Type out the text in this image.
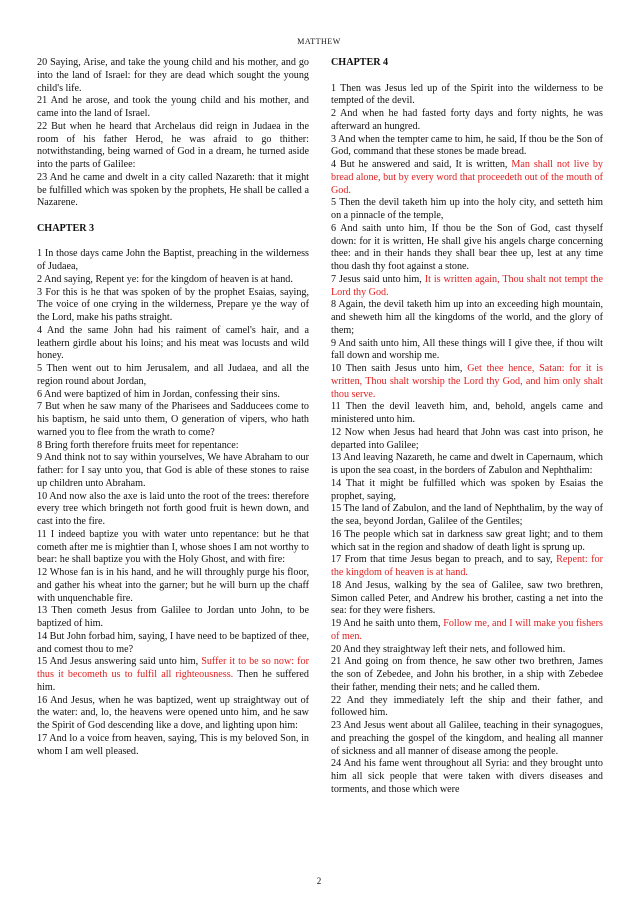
MATTHEW

20 Saying, Arise, and take the young child and his mother, and go into the land of Israel: for they are dead which sought the young child's life.

21 And he arose, and took the young child and his mother, and came into the land of Israel.

22 But when he heard that Archelaus did reign in Judaea in the room of his father Herod, he was afraid to go thither: notwithstanding, being warned of God in a dream, he turned aside into the parts of Galilee:

23 And he came and dwelt in a city called Nazareth: that it might be fulfilled which was spoken by the prophets, He shall be called a Nazarene.

CHAPTER 3

1 In those days came John the Baptist, preaching in the wilderness of Judaea,

2 And saying, Repent ye: for the kingdom of heaven is at hand.

3 For this is he that was spoken of by the prophet Esaias, saying, The voice of one crying in the wilderness, Prepare ye the way of the Lord, make his paths straight.

4 And the same John had his raiment of camel's hair, and a leathern girdle about his loins; and his meat was locusts and wild honey.

5 Then went out to him Jerusalem, and all Judaea, and all the region round about Jordan,

6 And were baptized of him in Jordan, confessing their sins.

7 But when he saw many of the Pharisees and Sadducees come to his baptism, he said unto them, O generation of vipers, who hath warned you to flee from the wrath to come?

8 Bring forth therefore fruits meet for repentance:

9 And think not to say within yourselves, We have Abraham to our father: for I say unto you, that God is able of these stones to raise up children unto Abraham.

10 And now also the axe is laid unto the root of the trees: therefore every tree which bringeth not forth good fruit is hewn down, and cast into the fire.

11 I indeed baptize you with water unto repentance: but he that cometh after me is mightier than I, whose shoes I am not worthy to bear: he shall baptize you with the Holy Ghost, and with fire:

12 Whose fan is in his hand, and he will throughly purge his floor, and gather his wheat into the garner; but he will burn up the chaff with unquenchable fire.

13 Then cometh Jesus from Galilee to Jordan unto John, to be baptized of him.

14 But John forbad him, saying, I have need to be baptized of thee, and comest thou to me?

15 And Jesus answering said unto him, Suffer it to be so now: for thus it becometh us to fulfil all righteousness. Then he suffered him.

16 And Jesus, when he was baptized, went up straightway out of the water: and, lo, the heavens were opened unto him, and he saw the Spirit of God descending like a dove, and lighting upon him:

17 And lo a voice from heaven, saying, This is my beloved Son, in whom I am well pleased.

CHAPTER 4

1 Then was Jesus led up of the Spirit into the wilderness to be tempted of the devil.

2 And when he had fasted forty days and forty nights, he was afterward an hungred.

3 And when the tempter came to him, he said, If thou be the Son of God, command that these stones be made bread.

4 But he answered and said, It is written, Man shall not live by bread alone, but by every word that proceedeth out of the mouth of God.

5 Then the devil taketh him up into the holy city, and setteth him on a pinnacle of the temple,

6 And saith unto him, If thou be the Son of God, cast thyself down: for it is written, He shall give his angels charge concerning thee: and in their hands they shall bear thee up, lest at any time thou dash thy foot against a stone.

7 Jesus said unto him, It is written again, Thou shalt not tempt the Lord thy God.

8 Again, the devil taketh him up into an exceeding high mountain, and sheweth him all the kingdoms of the world, and the glory of them;

9 And saith unto him, All these things will I give thee, if thou wilt fall down and worship me.

10 Then saith Jesus unto him, Get thee hence, Satan: for it is written, Thou shalt worship the Lord thy God, and him only shalt thou serve.

11 Then the devil leaveth him, and, behold, angels came and ministered unto him.

12 Now when Jesus had heard that John was cast into prison, he departed into Galilee;

13 And leaving Nazareth, he came and dwelt in Capernaum, which is upon the sea coast, in the borders of Zabulon and Nephthalim:

14 That it might be fulfilled which was spoken by Esaias the prophet, saying,

15 The land of Zabulon, and the land of Nephthalim, by the way of the sea, beyond Jordan, Galilee of the Gentiles;

16 The people which sat in darkness saw great light; and to them which sat in the region and shadow of death light is sprung up.

17 From that time Jesus began to preach, and to say, Repent: for the kingdom of heaven is at hand.

18 And Jesus, walking by the sea of Galilee, saw two brethren, Simon called Peter, and Andrew his brother, casting a net into the sea: for they were fishers.

19 And he saith unto them, Follow me, and I will make you fishers of men.

20 And they straightway left their nets, and followed him.

21 And going on from thence, he saw other two brethren, James the son of Zebedee, and John his brother, in a ship with Zebedee their father, mending their nets; and he called them.

22 And they immediately left the ship and their father, and followed him.

23 And Jesus went about all Galilee, teaching in their synagogues, and preaching the gospel of the kingdom, and healing all manner of sickness and all manner of disease among the people.

24 And his fame went throughout all Syria: and they brought unto him all sick people that were taken with divers diseases and torments, and those which were

2
